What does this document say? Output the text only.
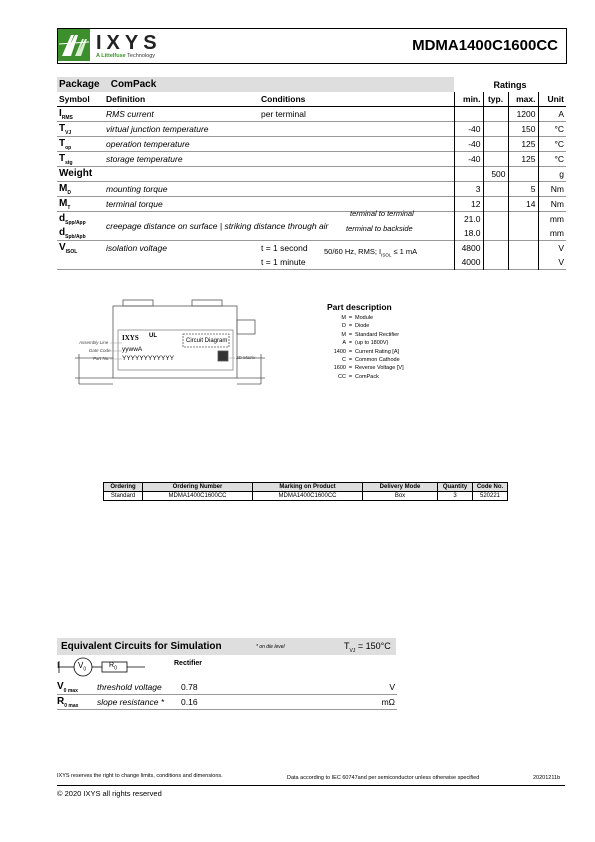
IXYS
A Littelfuse Technology
MDMA1400C1600CC
Package ComPack			Ratings			
Symbol	Definition	Conditions	min.	typ.	max.	Unit
$I_{RMS}$	RMS current	per terminal			1200	A
$T_{VJ}$	virtual junction temperature		-40		150	°C
$T_{op}$	operation temperature		-40		125	°C
$T_{stg}$	storage temperature		-40		125	°C
Weight				500		g
$M_D$	mounting torque		3		5	Nm
$M_T$	terminal torque		12		14	Nm
$d_{Spp/App}$	creepage distance on surface | striking distance through air		21.0			mm
$d_{Spb/Apb}$			18.0			mm
$V_{ISOL}$	isolation voltage	t = 1 second	4800			V
		t = 1 minute	4000			V
terminal to terminal
terminal to backside
50/60 Hz, RMS; $I_{ISOL} \le 1$ mA
Assembly Line
Date Code
Part No.
IXYS UL
Circuit Diagram
yywwA
YYYYYYYYYYYY	2D Matrix
Part description
M = Module
D = Diode
M = Standard Rectifier
A = (up to 1800V)
1400 = Current Rating [A]
C = Common Cathode
1600 = Reverse Voltage [V]
CC = ComPack
Ordering	Ordering Number	Marking on Product	Delivery Mode	Quantity	Code No.
Standard	MDMA1400C1600CC	MDMA1400C1600CC	Box	3	520221
Equivalent Circuits for Simulation	* on die level	$T_{VJ} = 150^\circ C$
I $V_0$
$R_0$
Rectifier
$V_{0 max}$ threshold voltage 0.78	V
$R_{0 max}$ slope resistance * 0.16	mΩ
IXYS reserves the right to change limits, conditions and dimensions.	Data according to IEC 60747and per semiconductor unless otherwise specified	20201211b
© 2020 IXYS all rights reserved
